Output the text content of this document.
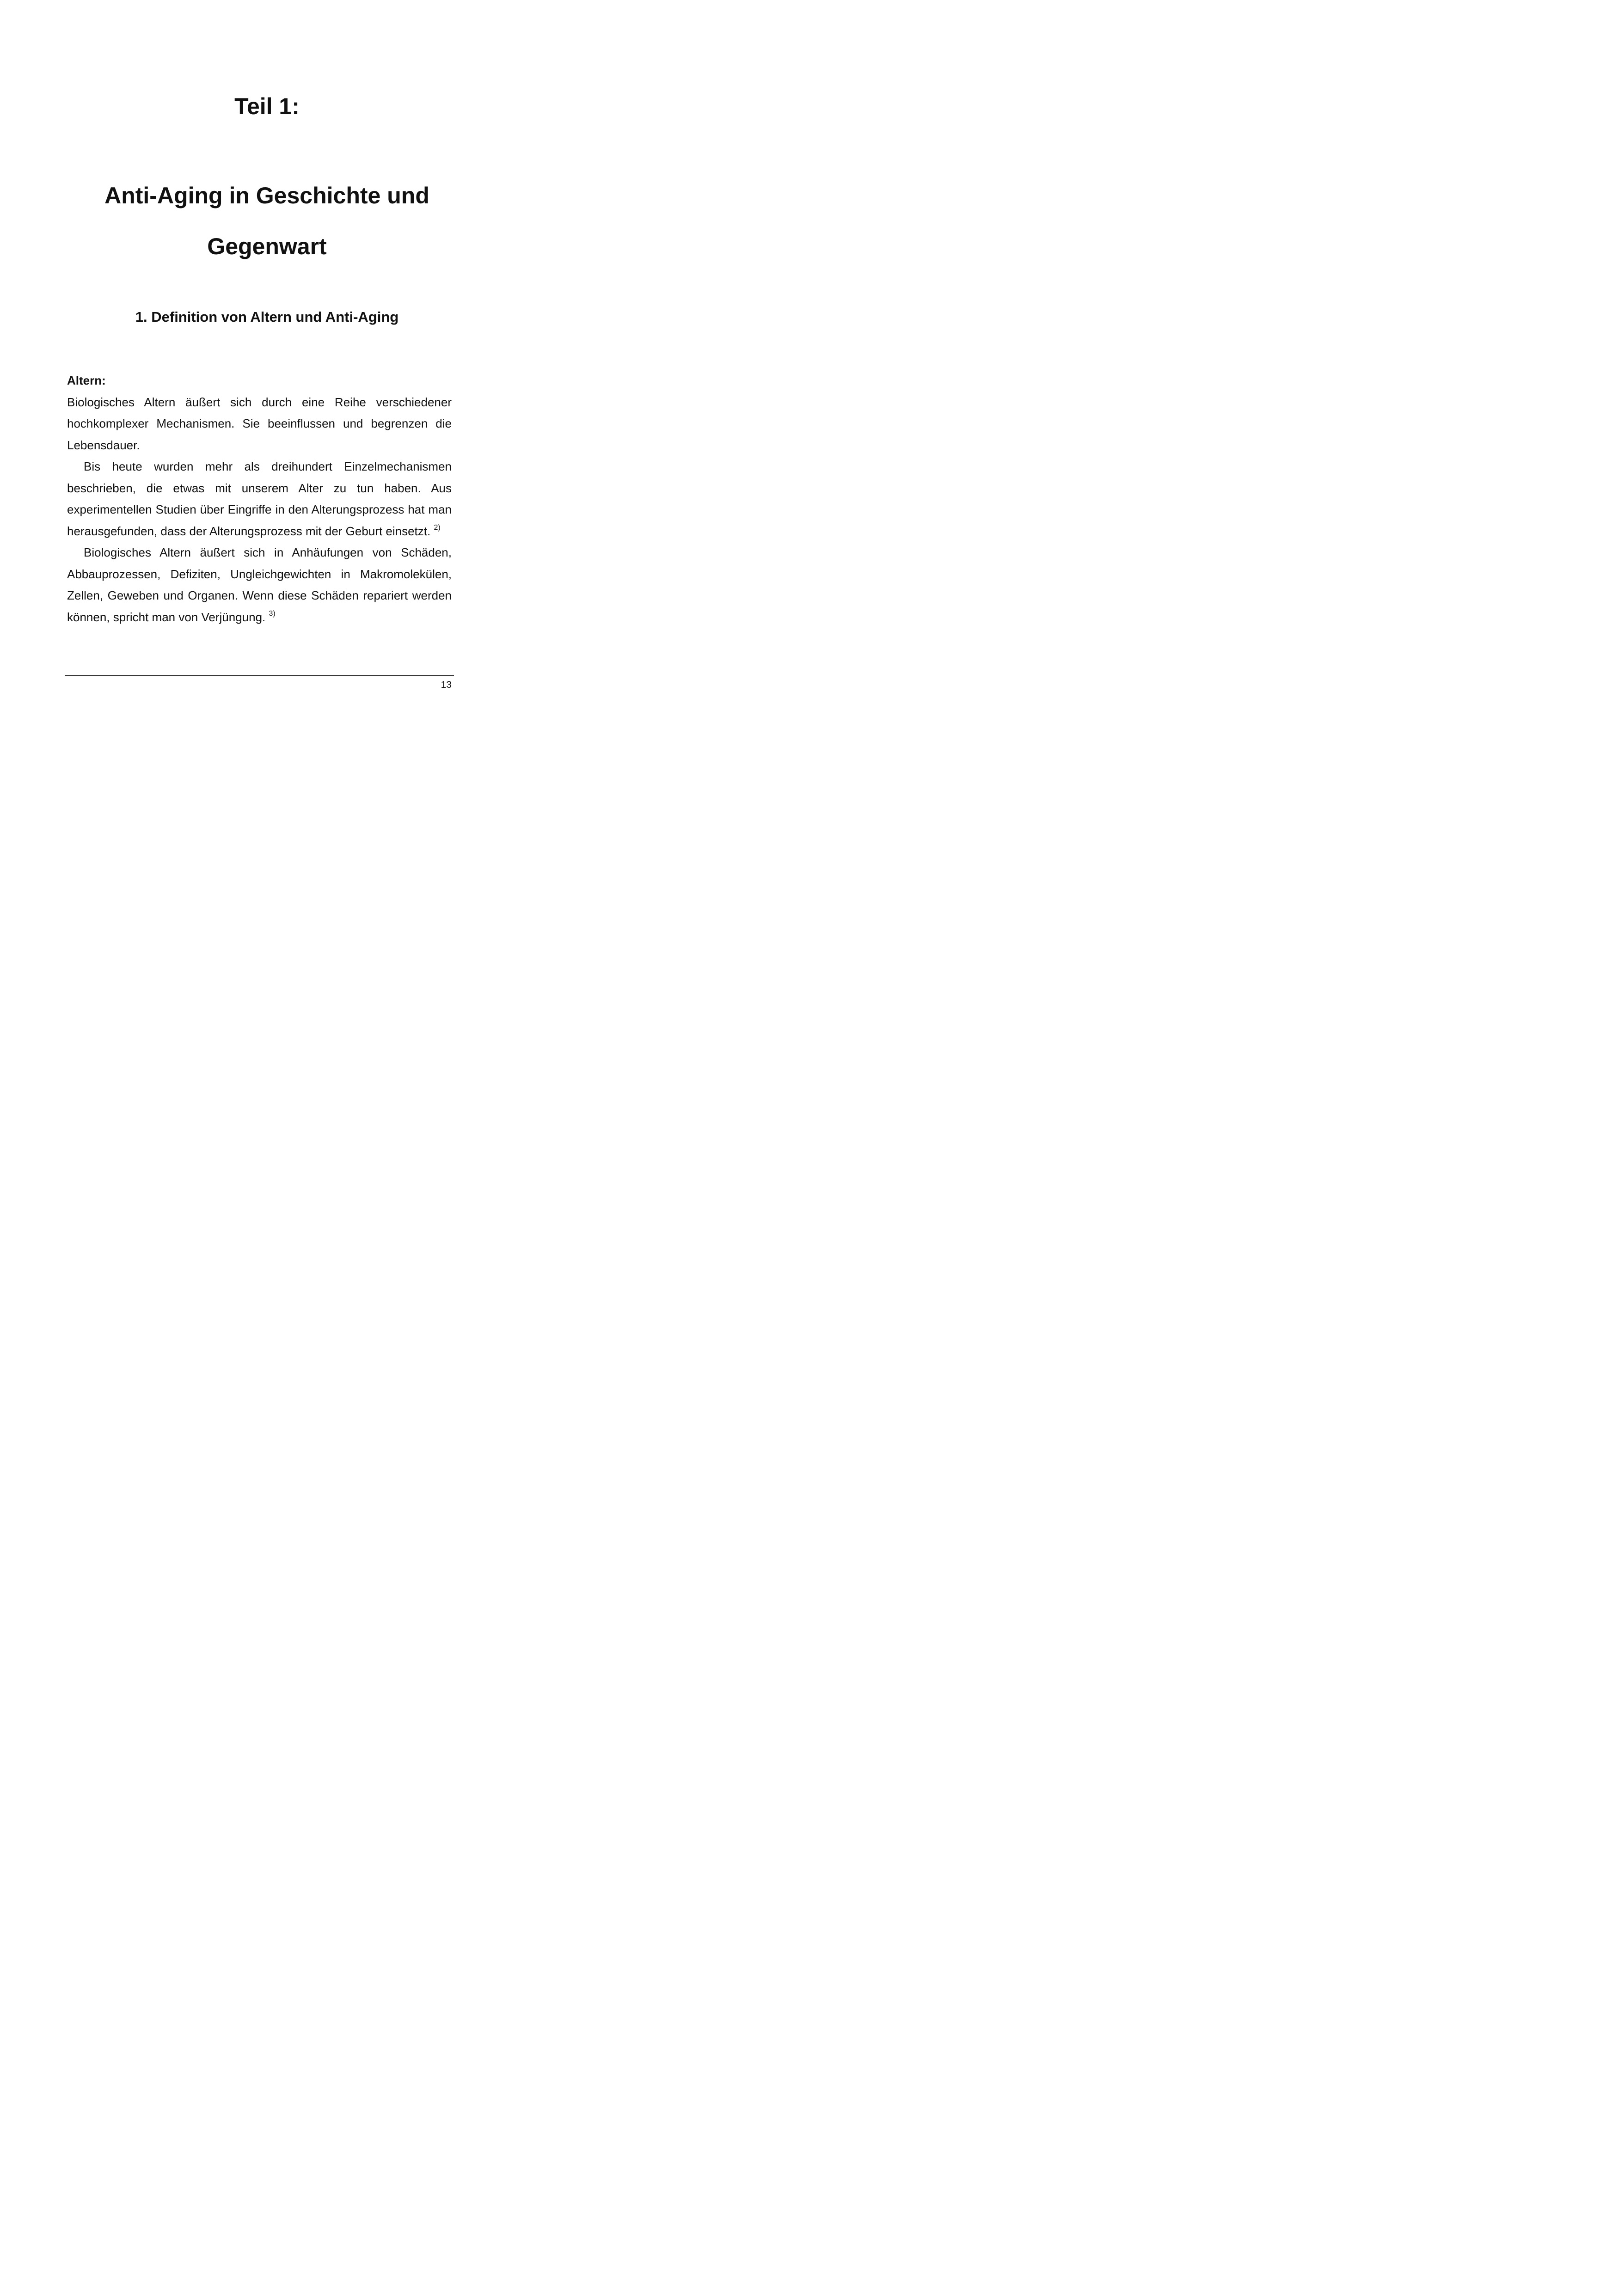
Teil 1:
Anti-Aging in Geschichte und
Gegenwart
1. Definition von Altern und Anti-Aging
Altern:

Biologisches Altern äußert sich durch eine Reihe verschiedener hochkomplexer Mechanismen. Sie beeinflussen und begrenzen die Lebensdauer.

Bis heute wurden mehr als dreihundert Einzelmechanismen beschrieben, die etwas mit unserem Alter zu tun haben. Aus experimentellen Studien über Eingriffe in den Alterungsprozess hat man herausgefunden, dass der Alterungsprozess mit der Geburt einsetzt. $^{2)}$

Biologisches Altern äußert sich in Anhäufungen von Schäden, Abbauprozessen, Defiziten, Ungleichgewichten in Makromolekülen, Zellen, Geweben und Organen. Wenn diese Schäden repariert werden können, spricht man von Verjüngung. $^{3)}$

13
